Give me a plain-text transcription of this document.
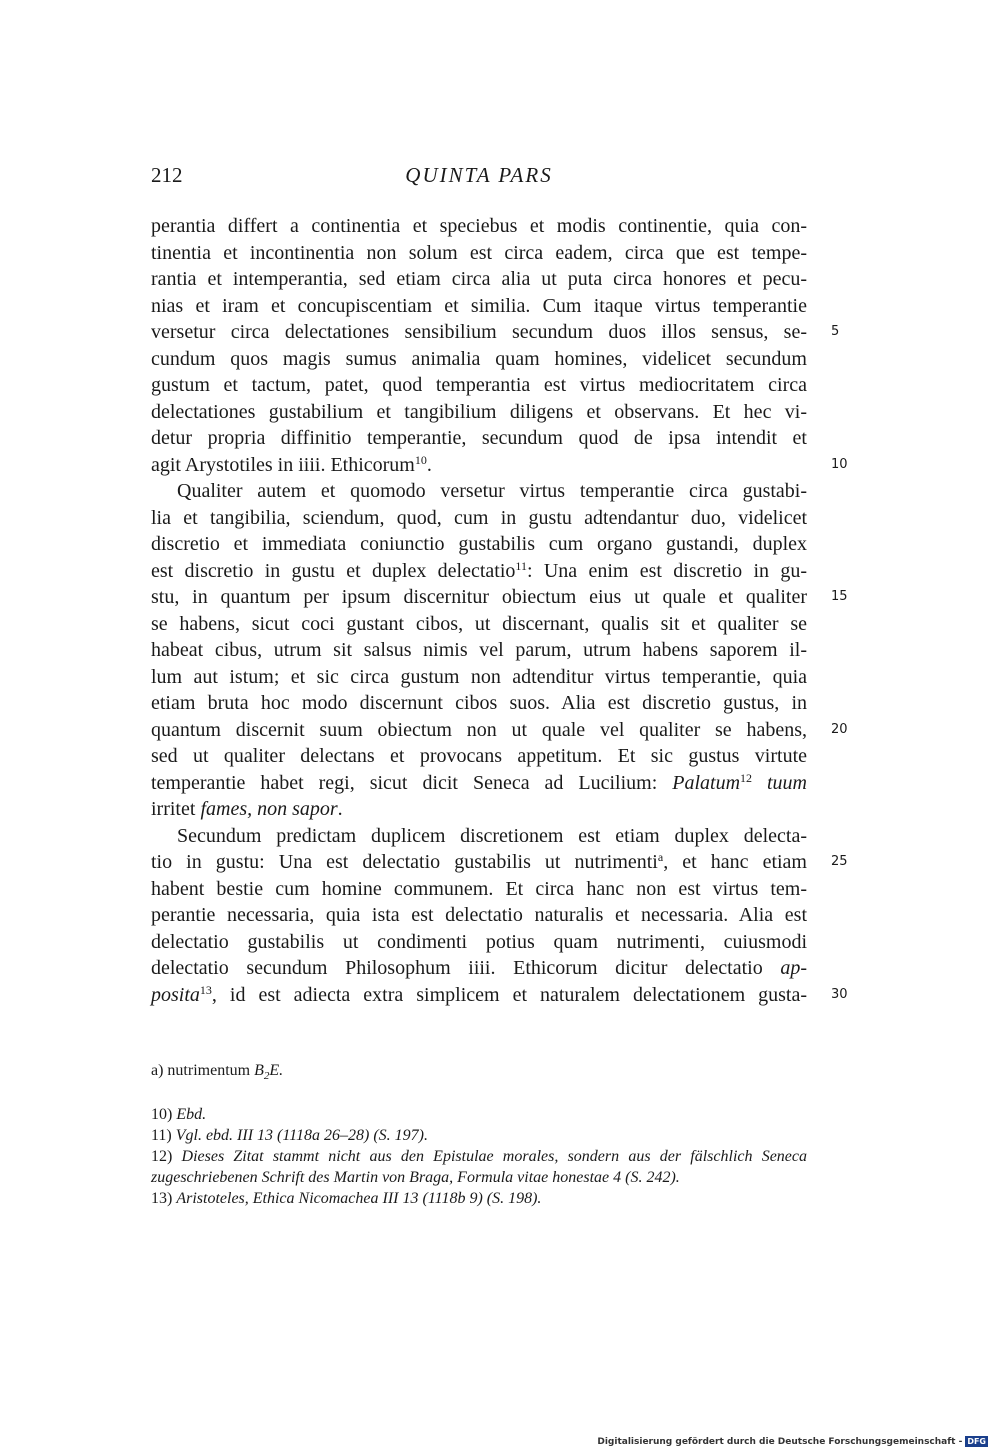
212	QUINTA PARS
perantia differt a continentia et speciebus et modis continentie, quia con-
tinentia et incontinentia non solum est circa eadem, circa que est tempe-
rantia et intemperantia, sed etiam circa alia ut puta circa honores et pecu-
nias et iram et concupiscentiam et similia. Cum itaque virtus temperantie
versetur circa delectationes sensibilium secundum duos illos sensus, se- 5
cundum quos magis sumus animalia quam homines, videlicet secundum
gustum et tactum, patet, quod temperantia est virtus mediocritatem circa
delectationes gustabilium et tangibilium diligens et observans. Et hec vi-
detur propria diffinitio temperantie, secundum quod de ipsa intendit et
agit Arystotiles in iiii. Ethicorum$^{10}$.	10
Qualiter autem et quomodo versetur virtus temperantie circa gustabi-
lia et tangibilia, sciendum, quod, cum in gustu adtendantur duo, videlicet
discretio et immediata coniunctio gustabilis cum organo gustandi, duplex
est discretio in gustu et duplex delectatio$^{11}$: Una enim est discretio in gu-
stu, in quantum per ipsum discernitur obiectum eius ut quale et qualiter 15
se habens, sicut coci gustant cibos, ut discernant, qualis sit et qualiter se
habeat cibus, utrum sit salsus nimis vel parum, utrum habens saporem il-
lum aut istum; et sic circa gustum non adtenditur virtus temperantie, quia
etiam bruta hoc modo discernunt cibos suos. Alia est discretio gustus, in
quantum discernit suum obiectum non ut quale vel qualiter se habens, 20
sed ut qualiter delectans et provocans appetitum. Et sic gustus virtute
temperantie habet regi, sicut dicit Seneca ad Lucilium: Palatum$^{12}$ tuum
irritet fames, non sapor.
Secundum predictam duplicem discretionem est etiam duplex delecta-
tio in gustu: Una est delectatio gustabilis ut nutrimenti$^a$, et hanc etiam 25
habent bestie cum homine communem. Et circa hanc non est virtus tem-
perantie necessaria, quia ista est delectatio naturalis et necessaria. Alia est
delectatio gustabilis ut condimenti potius quam nutrimenti, cuiusmodi
delectatio secundum Philosophum iiii. Ethicorum dicitur delectatio ap-
posita$^{13}$, id est adiecta extra simplicem et naturalem delectationem gusta- 30
a) nutrimentum $B_2E$.
10) Ebd.
11) Vgl. ebd. III 13 (1118a 26–28) (S. 197).
12) Dieses Zitat stammt nicht aus den Epistulae morales, sondern aus der fälschlich Seneca zugeschriebenen Schrift des Martin von Braga, Formula vitae honestae 4 (S. 242).
13) Aristoteles, Ethica Nicomachea III 13 (1118b 9) (S. 198).
Digitalisierung gefördert durch die Deutsche Forschungsgemeinschaft - DFG
